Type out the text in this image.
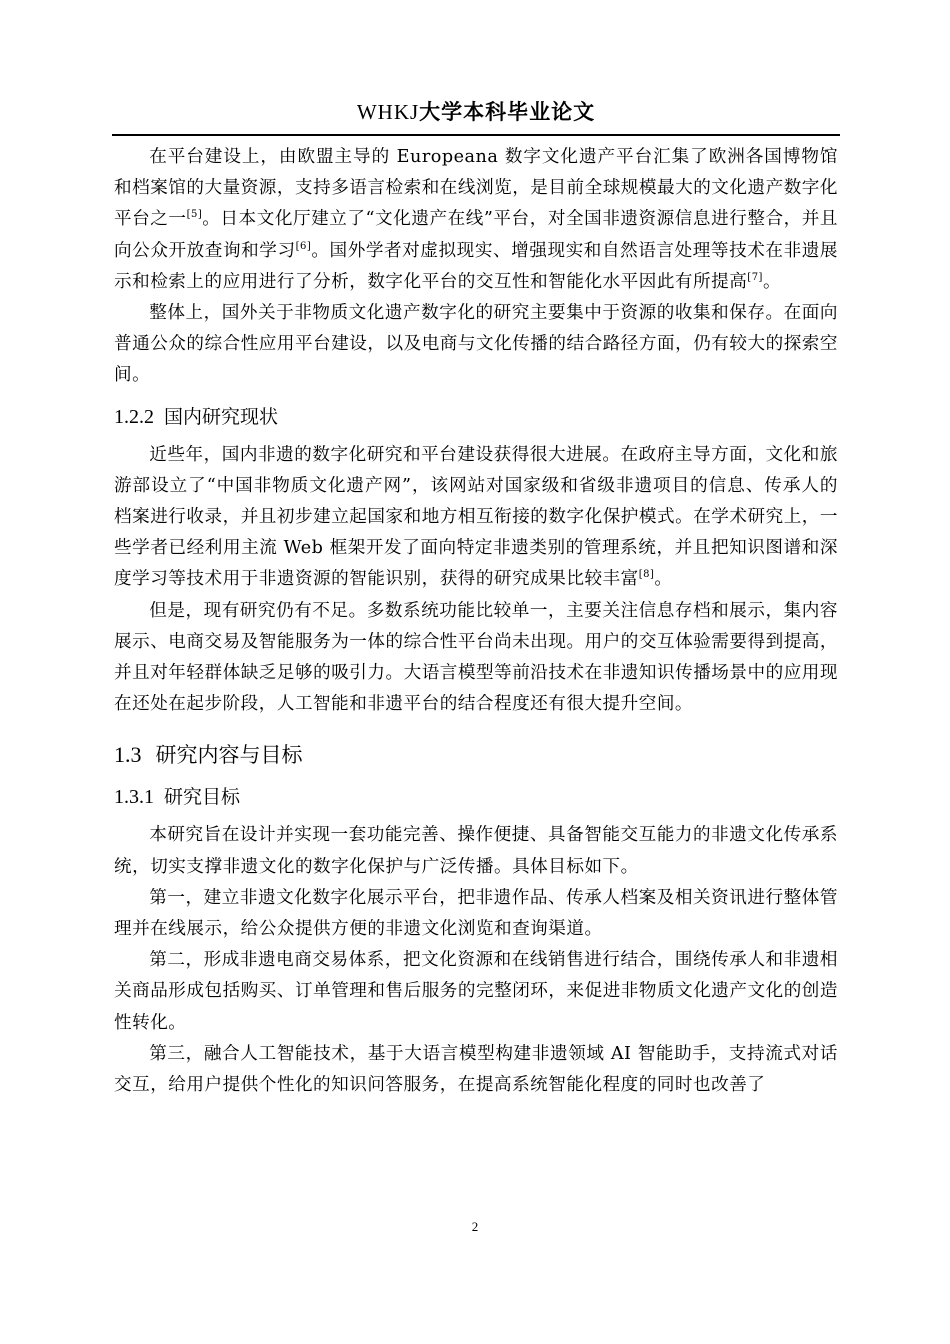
WHKJ大学本科毕业论文

在平台建设上，由欧盟主导的 Europeana 数字文化遗产平台汇集了欧洲各国博物馆和档案馆的大量资源，支持多语言检索和在线浏览，是目前全球规模最大的文化遗产数字化平台之一[5]。日本文化厅建立了“文化遗产在线”平台，对全国非遗资源信息进行整合，并且向公众开放查询和学习[6]。国外学者对虚拟现实、增强现实和自然语言处理等技术在非遗展示和检索上的应用进行了分析，数字化平台的交互性和智能化水平因此有所提高[7]。

整体上，国外关于非物质文化遗产数字化的研究主要集中于资源的收集和保存。在面向普通公众的综合性应用平台建设，以及电商与文化传播的结合路径方面，仍有较大的探索空间。

1.2.2 国内研究现状

近些年，国内非遗的数字化研究和平台建设获得很大进展。在政府主导方面，文化和旅游部设立了“中国非物质文化遗产网”，该网站对国家级和省级非遗项目的信息、传承人的档案进行收录，并且初步建立起国家和地方相互衔接的数字化保护模式。在学术研究上，一些学者已经利用主流 Web 框架开发了面向特定非遗类别的管理系统，并且把知识图谱和深度学习等技术用于非遗资源的智能识别，获得的研究成果比较丰富[8]。

但是，现有研究仍有不足。多数系统功能比较单一，主要关注信息存档和展示，集内容展示、电商交易及智能服务为一体的综合性平台尚未出现。用户的交互体验需要得到提高，并且对年轻群体缺乏足够的吸引力。大语言模型等前沿技术在非遗知识传播场景中的应用现在还处在起步阶段，人工智能和非遗平台的结合程度还有很大提升空间。

1.3 研究内容与目标
1.3.1 研究目标

本研究旨在设计并实现一套功能完善、操作便捷、具备智能交互能力的非遗文化传承系统，切实支撑非遗文化的数字化保护与广泛传播。具体目标如下。

第一，建立非遗文化数字化展示平台，把非遗作品、传承人档案及相关资讯进行整体管理并在线展示，给公众提供方便的非遗文化浏览和查询渠道。

第二，形成非遗电商交易体系，把文化资源和在线销售进行结合，围绕传承人和非遗相关商品形成包括购买、订单管理和售后服务的完整闭环，来促进非物质文化遗产文化的创造性转化。

第三，融合人工智能技术，基于大语言模型构建非遗领域 AI 智能助手，支持流式对话交互，给用户提供个性化的知识问答服务，在提高系统智能化程度的同时也改善了

2
